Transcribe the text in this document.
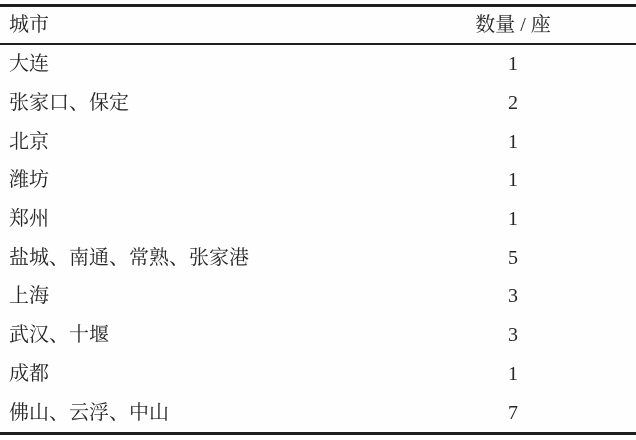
城市	数量 / 座
大连	1
张家口、保定	2
北京	1
潍坊	1
郑州	1
盐城、南通、常熟、张家港	5
上海	3
武汉、十堰	3
成都	1
佛山、云浮、中山	7
